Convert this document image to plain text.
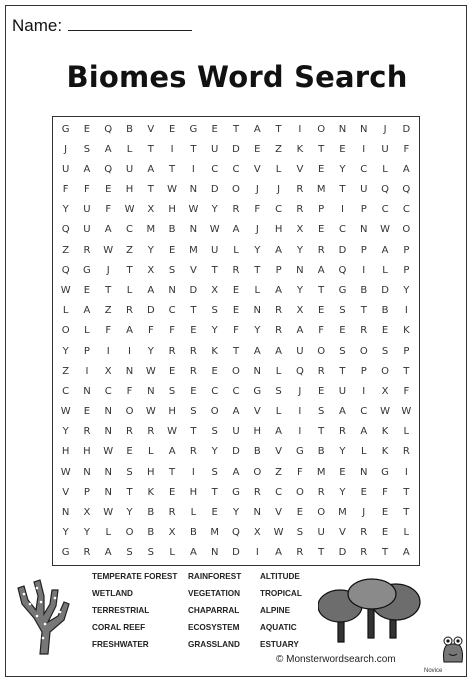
Name:
Biomes Word Search
G	E	Q	B	V	E	G	E	T	A	T	I	O	N	N	J	D
J	S	A	L	T	I	T	U	D	E	Z	K	T	E	I	U	F
U	A	Q	U	A	T	I	C	C	V	L	V	E	Y	C	L	A
F	F	E	H	T	W	N	D	O	J	J	R	M	T	U	Q	Q
Y	U	F	W	X	H	W	Y	R	F	C	R	P	I	P	C	C
Q	U	A	C	M	B	N	W	A	J	H	X	E	C	N	W	O
Z	R	W	Z	Y	E	M	U	L	Y	A	Y	R	D	P	A	P
Q	G	J	T	X	S	V	T	R	T	P	N	A	Q	I	L	P
W	E	T	L	A	N	D	X	E	L	A	Y	T	G	B	D	Y
L	A	Z	R	D	C	T	S	E	N	R	X	E	S	T	B	I
O	L	F	A	F	F	E	Y	F	Y	R	A	F	E	R	E	K
Y	P	I	I	Y	R	R	K	T	A	A	U	O	S	O	S	P
Z	I	X	N	W	E	R	E	O	N	L	Q	R	T	P	O	T
C	N	C	F	N	S	E	C	C	G	S	J	E	U	I	X	F
W	E	N	O	W	H	S	O	A	V	L	I	S	A	C	W	W
Y	R	N	R	R	W	T	S	U	H	A	I	T	R	A	K	L
H	H	W	E	L	A	R	Y	D	B	V	G	B	Y	L	K	R
W	N	N	S	H	T	I	S	A	O	Z	F	M	E	N	G	I
V	P	N	T	K	E	H	T	G	R	C	O	R	Y	E	F	T
N	X	W	Y	B	R	L	E	Y	N	V	E	O	M	J	E	T
Y	Y	L	O	B	X	B	M	Q	X	W	S	U	V	R	E	L
G	R	A	S	S	L	A	N	D	I	A	R	T	D	R	T	A
TEMPERATE FOREST	RAINFOREST	ALTITUDE
WETLAND	VEGETATION	TROPICAL
TERRESTRIAL	CHAPARRAL	ALPINE
CORAL REEF	ECOSYSTEM	AQUATIC
FRESHWATER	GRASSLAND	ESTUARY
© Monsterwordsearch.com
Novice
